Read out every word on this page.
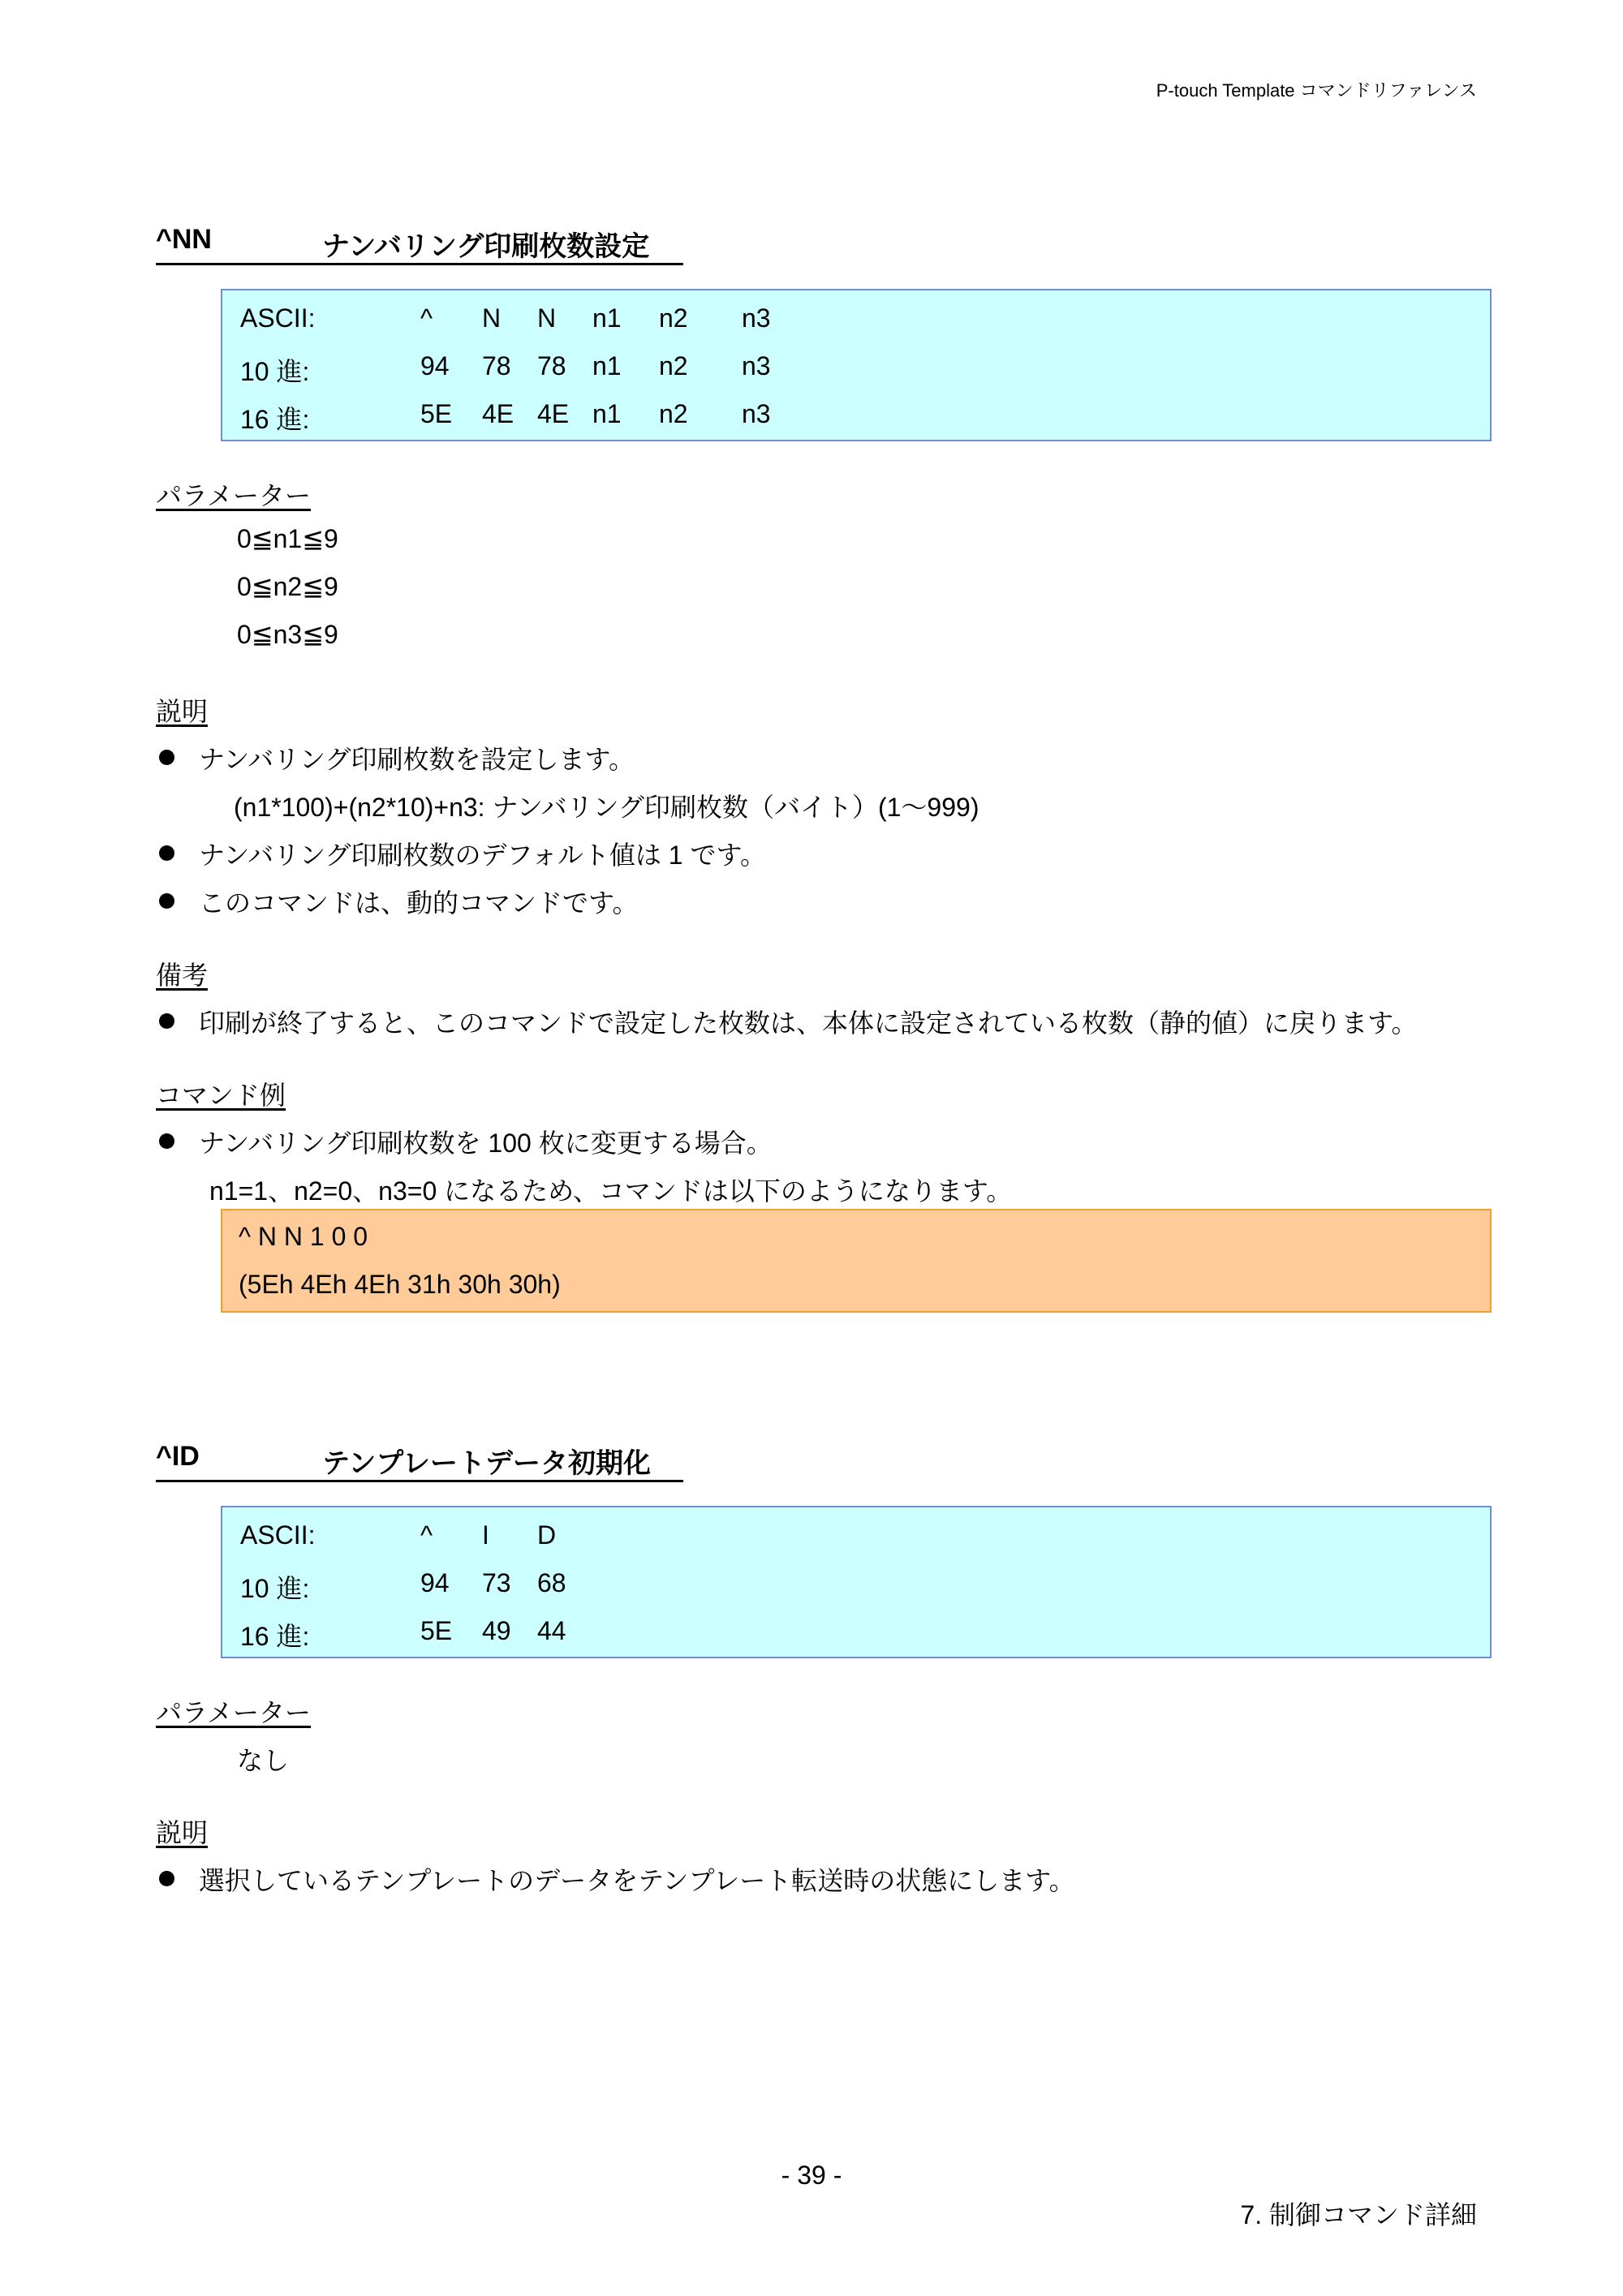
P-touch Template コマンドリファレンス
^NN	ナンバリング印刷枚数設定
ASCII:	^ N N n1 n2 n3
10 進:	94 78 78 n1 n2 n3
16 進:	5E 4E 4E n1 n2 n3
パラメーター
0≦n1≦9
0≦n2≦9
0≦n3≦9
説明
ナンバリング印刷枚数を設定します。
(n1*100)+(n2*10)+n3: ナンバリング印刷枚数（バイト）(1～999)
ナンバリング印刷枚数のデフォルト値は 1 です。
このコマンドは、動的コマンドです。
備考
印刷が終了すると、このコマンドで設定した枚数は、本体に設定されている枚数（静的値）に戻ります。
コマンド例
ナンバリング印刷枚数を 100 枚に変更する場合。
n1=1、n2=0、n3=0 になるため、コマンドは以下のようになります。
^ N N 1 0 0
(5Eh 4Eh 4Eh 31h 30h 30h)
^ID	テンプレートデータ初期化
ASCII:	^ I D
10 進:	94 73 68
16 進:	5E 49 44
パラメーター
なし
説明
選択しているテンプレートのデータをテンプレート転送時の状態にします。
- 39 -
7. 制御コマンド詳細
